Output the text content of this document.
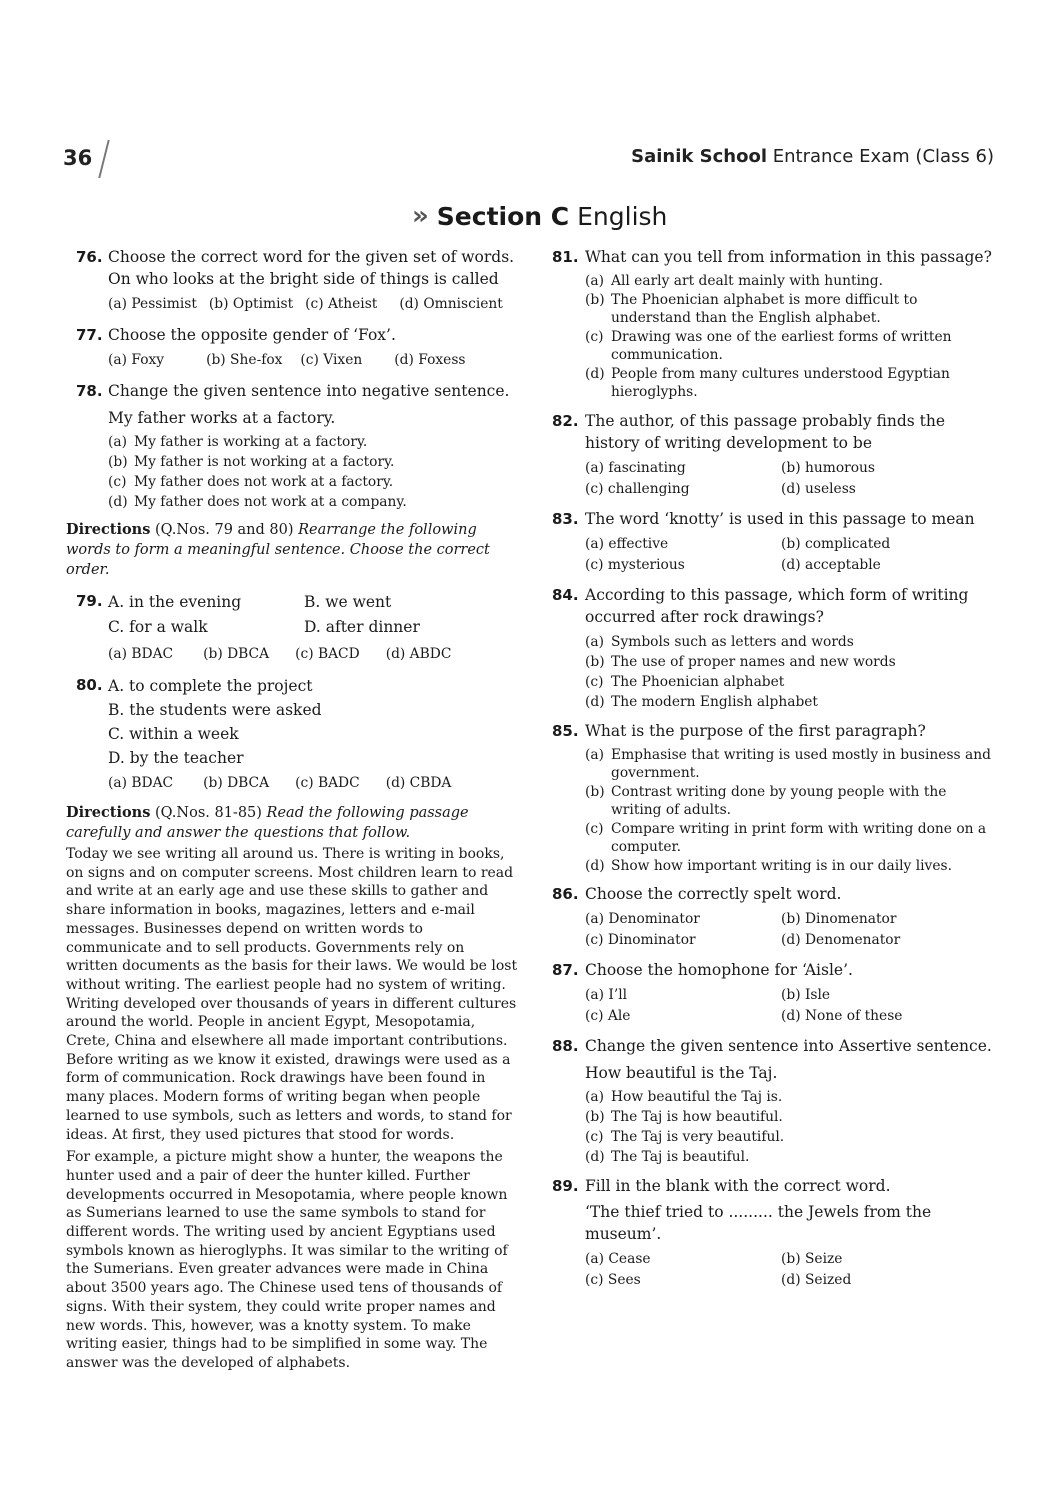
36	Sainik School Entrance Exam (Class 6)
» Section C English
76. Choose the correct word for the given set of words. On who looks at the bright side of things is called
(a) Pessimist (b) Optimist (c) Atheist (d) Omniscient
77. Choose the opposite gender of ‘Fox’.
(a) Foxy	(b) She-fox (c) Vixen (d) Foxess
78. Change the given sentence into negative sentence.
My father works at a factory.
(a) My father is working at a factory.
(b) My father is not working at a factory.
(c) My father does not work at a factory.
(d) My father does not work at a company.
Directions (Q.Nos. 79 and 80) Rearrange the following words to form a meaningful sentence. Choose the correct order.
79. A. in the evening	B. we went
C. for a walk	D. after dinner
(a) BDAC (b) DBCA (c) BACD (d) ABDC
80. A. to complete the project
B. the students were asked
C. within a week
D. by the teacher
(a) BDAC (b) DBCA (c) BADC (d) CBDA
Directions (Q.Nos. 81-85) Read the following passage carefully and answer the questions that follow.

Today we see writing all around us. There is writing in books, on signs and on computer screens. Most children learn to read and write at an early age and use these skills to gather and share information in books, magazines, letters and e-mail messages. Businesses depend on written words to communicate and to sell products. Governments rely on written documents as the basis for their laws. We would be lost without writing. The earliest people had no system of writing. Writing developed over thousands of years in different cultures around the world. People in ancient Egypt, Mesopotamia, Crete, China and elsewhere all made important contributions. Before writing as we know it existed, drawings were used as a form of communication. Rock drawings have been found in many places. Modern forms of writing began when people learned to use symbols, such as letters and words, to stand for ideas. At first, they used pictures that stood for words.

For example, a picture might show a hunter, the weapons the hunter used and a pair of deer the hunter killed. Further developments occurred in Mesopotamia, where people known as Sumerians learned to use the same symbols to stand for different words. The writing used by ancient Egyptians used symbols known as hieroglyphs. It was similar to the writing of the Sumerians. Even greater advances were made in China about 3500 years ago. The Chinese used tens of thousands of signs. With their system, they could write proper names and new words. This, however, was a knotty system. To make writing easier, things had to be simplified in some way. The answer was the developed of alphabets.

81. What can you tell from information in this passage?
(a) All early art dealt mainly with hunting.
(b) The Phoenician alphabet is more difficult to understand than the English alphabet.
(c) Drawing was one of the earliest forms of written communication.
(d) People from many cultures understood Egyptian hieroglyphs.
82. The author, of this passage probably finds the history of writing development to be
(a) fascinating	(b) humorous
(c) challenging	(d) useless
83. The word ‘knotty’ is used in this passage to mean
(a) effective	(b) complicated
(c) mysterious	(d) acceptable
84. According to this passage, which form of writing occurred after rock drawings?
(a) Symbols such as letters and words
(b) The use of proper names and new words
(c) The Phoenician alphabet
(d) The modern English alphabet
85. What is the purpose of the first paragraph?
(a) Emphasise that writing is used mostly in business and government.
(b) Contrast writing done by young people with the writing of adults.
(c) Compare writing in print form with writing done on a computer.
(d) Show how important writing is in our daily lives.
86. Choose the correctly spelt word.
(a) Denominator	(b) Dinomenator
(c) Dinominator	(d) Denomenator
87. Choose the homophone for ‘Aisle’.
(a) I’ll	(b) Isle
(c) Ale	(d) None of these
88. Change the given sentence into Assertive sentence.
How beautiful is the Taj.
(a) How beautiful the Taj is.
(b) The Taj is how beautiful.
(c) The Taj is very beautiful.
(d) The Taj is beautiful.
89. Fill in the blank with the correct word.
‘The thief tried to ......... the Jewels from the museum’.
(a) Cease	(b) Seize
(c) Sees	(d) Seized
